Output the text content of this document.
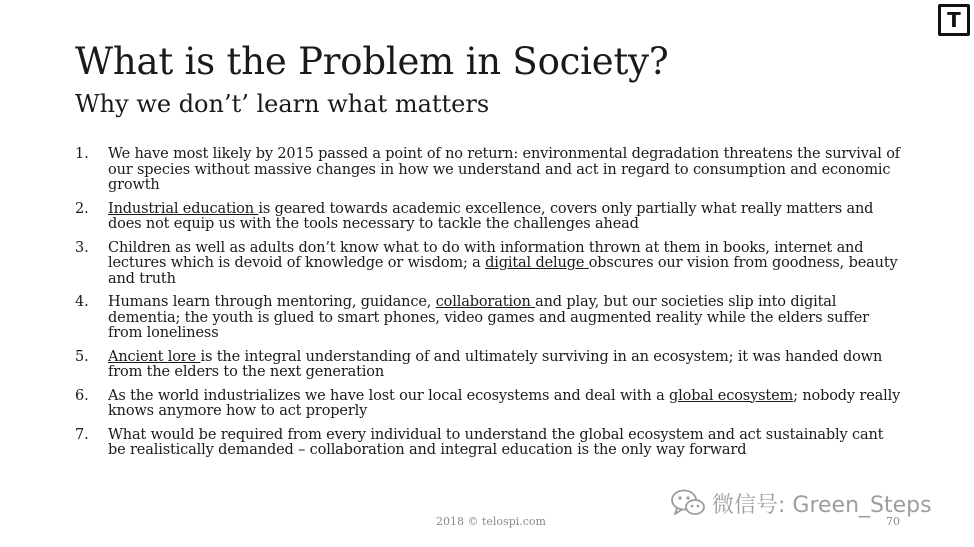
T
What is the Problem in Society?
Why we don’t’ learn what matters
1. We have most likely by 2015 passed a point of no return: environmental degradation threatens the survival of our species without massive changes in how we understand and act in regard to consumption and economic growth
2. Industrial education is geared towards academic excellence, covers only partially what really matters and does not equip us with the tools necessary to tackle the challenges ahead
3. Children as well as adults don’t know what to do with information thrown at them in books, internet and lectures which is devoid of knowledge or wisdom; a digital deluge obscures our vision from goodness, beauty and truth
4. Humans learn through mentoring, guidance, collaboration and play, but our societies slip into digital dementia; the youth is glued to smart phones, video games and augmented reality while the elders suffer from loneliness
5. Ancient lore is the integral understanding of and ultimately surviving in an ecosystem; it was handed down from the elders to the next generation
6. As the world industrializes we have lost our local ecosystems and deal with a global ecosystem; nobody really knows anymore how to act properly
7. What would be required from every individual to understand the global ecosystem and act sustainably cant be realistically demanded – collaboration and integral education is the only way forward
2018 © telospi.com	70
微信号: Green_Steps
